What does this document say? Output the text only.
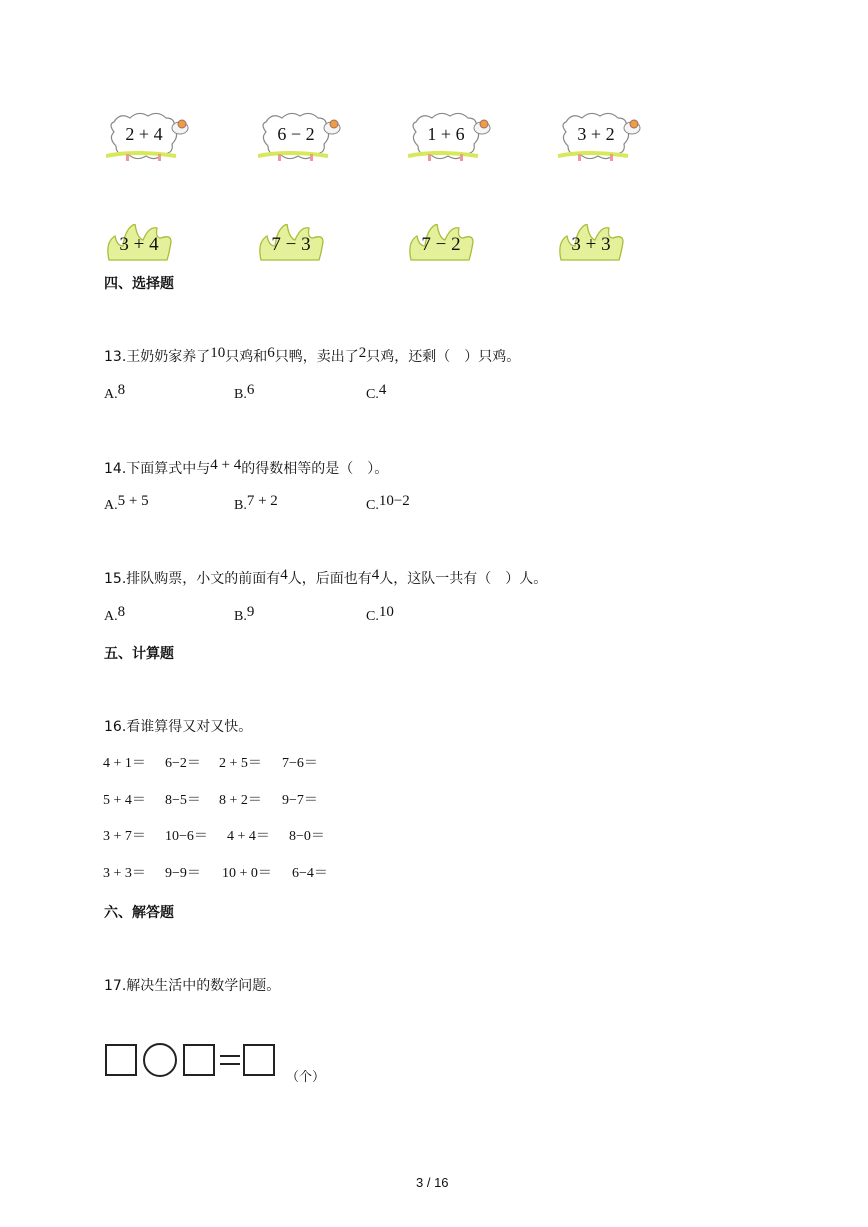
2 + 4	6 − 2	1 + 6	3 + 2
3 + 4	7 − 3	7 − 2	3 + 3
四、选择题
13.王奶奶家养了10只鸡和6只鸭，卖出了2只鸡，还剩（　）只鸡。
A.8	B.6	C.4
14.下面算式中与4 + 4的得数相等的是（　）。
A.5 + 5	B.7 + 2	C.10−2
15.排队购票，小文的前面有4人，后面也有4人，这队一共有（　）人。
A.8	B.9	C.10
五、计算题
16.看谁算得又对又快。
4 + 1＝ 6−2＝ 2 + 5＝ 7−6＝
5 + 4＝ 8−5＝ 8 + 2＝ 9−7＝
3 + 7＝ 10−6＝ 4 + 4＝ 8−0＝
3 + 3＝ 9−9＝ 10 + 0＝ 6−4＝
六、解答题
17.解决生活中的数学问题。
（个）
3 / 16
